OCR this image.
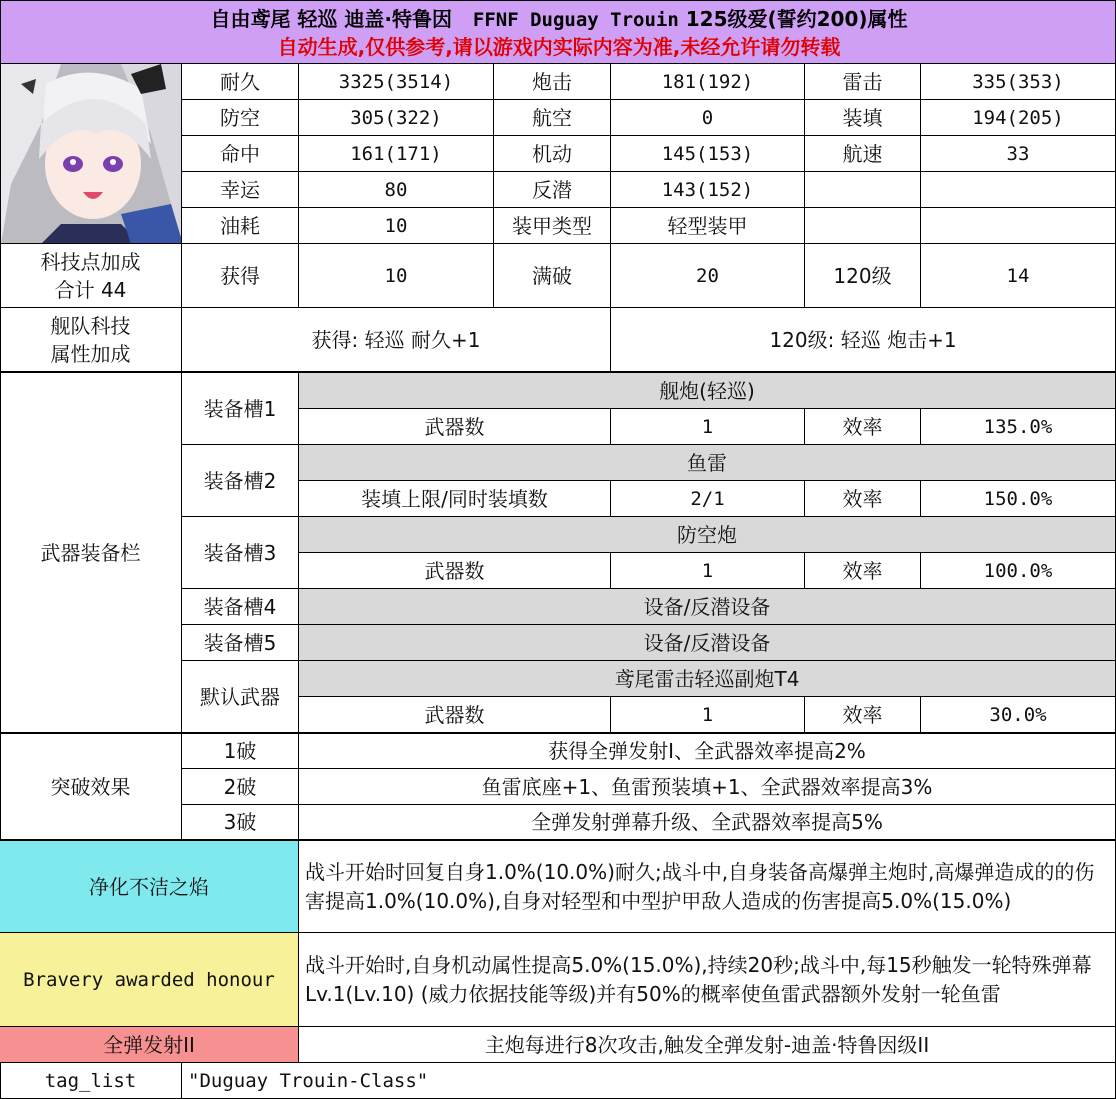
自由鸢尾 轻巡 迪盖·特鲁因 FFNF Duguay Trouin 125级爱(誓约200)属性
自动生成,仅供参考,请以游戏内实际内容为准,未经允许请勿转载
耐久	3325(3514)	炮击	181(192)	雷击	335(353)
防空	305(322)	航空	0	装填	194(205)
命中	161(171)	机动	145(153)	航速	33
幸运	80	反潜	143(152)
油耗	10	装甲类型	轻型装甲
科技点加成
合计 44
获得	10	满破	20	120级	14
舰队科技
属性加成
获得: 轻巡 耐久+1	120级: 轻巡 炮击+1
武器装备栏
装备槽1
舰炮(轻巡)
武器数	1	效率	135.0%
装备槽2
鱼雷
装填上限/同时装填数	2/1	效率	150.0%
装备槽3
防空炮
武器数	1	效率	100.0%
装备槽4	设备/反潜设备
装备槽5	设备/反潜设备
默认武器
鸢尾雷击轻巡副炮T4
武器数	1	效率	30.0%
突破效果
1破	获得全弹发射I、全武器效率提高2%
2破	鱼雷底座+1、鱼雷预装填+1、全武器效率提高3%
3破	全弹发射弹幕升级、全武器效率提高5%
净化不洁之焰
战斗开始时回复自身1.0%(10.0%)耐久;战斗中,自身装备高爆弹主炮时,高爆弹造成的的伤害提高1.0%(10.0%),自身对轻型和中型护甲敌人造成的伤害提高5.0%(15.0%)
Bravery awarded honour
战斗开始时,自身机动属性提高5.0%(15.0%),持续20秒;战斗中,每15秒触发一轮特殊弹幕Lv.1(Lv.10) (威力依据技能等级)并有50%的概率使鱼雷武器额外发射一轮鱼雷
全弹发射II	主炮每进行8次攻击,触发全弹发射-迪盖·特鲁因级II
tag_list	"Duguay Trouin-Class"
